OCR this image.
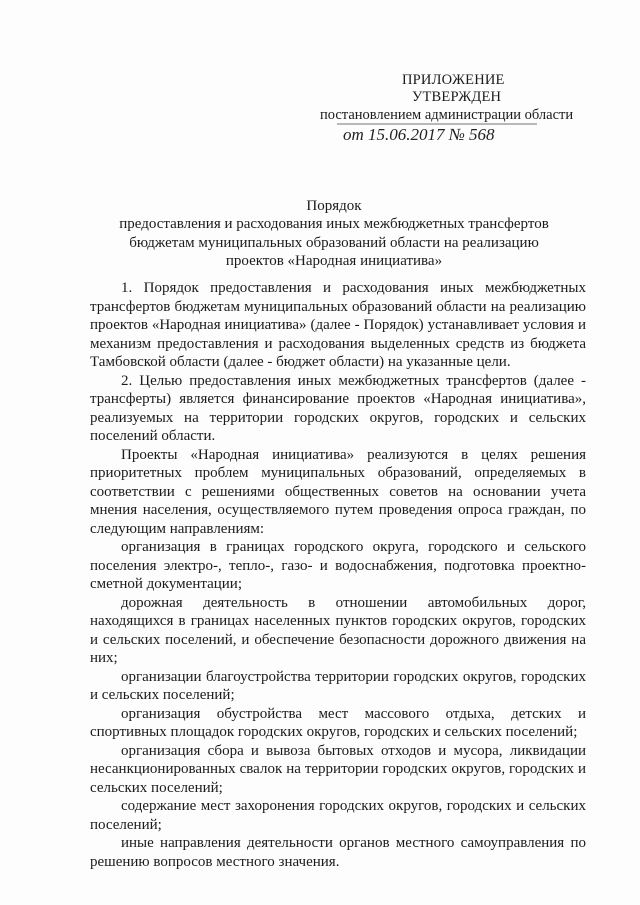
ПРИЛОЖЕНИЕ
УТВЕРЖДЕН
постановлением администрации области
от 15.06.2017 № 568
Порядок
предоставления и расходования иных межбюджетных трансфертов
бюджетам муниципальных образований области на реализацию
проектов «Народная инициатива»

1. Порядок предоставления и расходования иных межбюджетных трансфертов бюджетам муниципальных образований области на реализацию проектов «Народная инициатива» (далее - Порядок) устанавливает условия и механизм предоставления и расходования выделенных средств из бюджета Тамбовской области (далее - бюджет области) на указанные цели.

2. Целью предоставления иных межбюджетных трансфертов (далее - трансферты) является финансирование проектов «Народная инициатива», реализуемых на территории городских округов, городских и сельских поселений области.

Проекты «Народная инициатива» реализуются в целях решения приоритетных проблем муниципальных образований, определяемых в соответствии с решениями общественных советов на основании учета мнения населения, осуществляемого путем проведения опроса граждан, по следующим направлениям:

организация в границах городского округа, городского и сельского поселения электро-, тепло-, газо- и водоснабжения, подготовка проектно-сметной документации;

дорожная деятельность в отношении автомобильных дорог, находящихся в границах населенных пунктов городских округов, городских и сельских поселений, и обеспечение безопасности дорожного движения на них;

организации благоустройства территории городских округов, городских и сельских поселений;

организация обустройства мест массового отдыха, детских и спортивных площадок городских округов, городских и сельских поселений;

организация сбора и вывоза бытовых отходов и мусора, ликвидации несанкционированных свалок на территории городских округов, городских и сельских поселений;

содержание мест захоронения городских округов, городских и сельских поселений;

иные направления деятельности органов местного самоуправления по решению вопросов местного значения.
